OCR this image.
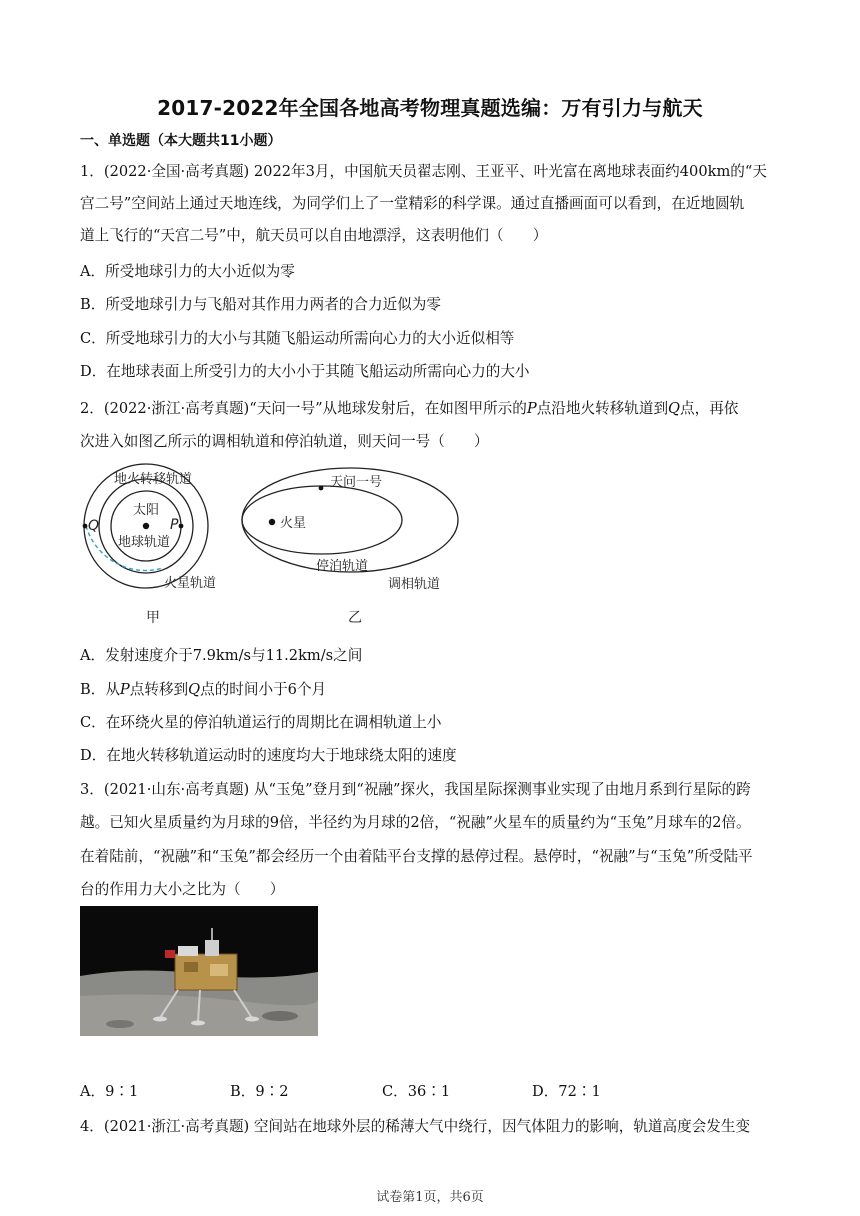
2017-2022年全国各地高考物理真题选编：万有引力与航天
一、单选题（本大题共11小题）
1．(2022·全国·高考真题) 2022年3月，中国航天员翟志刚、王亚平、叶光富在离地球表面约400km的“天
宫二号”空间站上通过天地连线，为同学们上了一堂精彩的科学课。通过直播画面可以看到，在近地圆轨
道上飞行的“天宫二号”中，航天员可以自由地漂浮，这表明他们（　　）
A．所受地球引力的大小近似为零
B．所受地球引力与飞船对其作用力两者的合力近似为零
C．所受地球引力的大小与其随飞船运动所需向心力的大小近似相等
D．在地球表面上所受引力的大小小于其随飞船运动所需向心力的大小
2．(2022·浙江·高考真题)“天问一号”从地球发射后，在如图甲所示的P点沿地火转移轨道到Q点，再依
次进入如图乙所示的调相轨道和停泊轨道，则天问一号（　　）
地火转移轨道
太阳
Q	P
地球轨道
火星轨道
甲
天问一号
火星
停泊轨道
调相轨道
乙
A．发射速度介于7.9km/s与11.2km/s之间
B．从P点转移到Q点的时间小于6个月
C．在环绕火星的停泊轨道运行的周期比在调相轨道上小
D．在地火转移轨道运动时的速度均大于地球绕太阳的速度
3．(2021·山东·高考真题) 从“玉兔”登月到“祝融”探火，我国星际探测事业实现了由地月系到行星际的跨
越。已知火星质量约为月球的9倍，半径约为月球的2倍，“祝融”火星车的质量约为“玉兔”月球车的2倍。
在着陆前，“祝融”和“玉兔”都会经历一个由着陆平台支撑的悬停过程。悬停时，“祝融”与“玉兔”所受陆平
台的作用力大小之比为（　　）
A．9∶1	B．9∶2	C．36∶1	D．72∶1
4．(2021·浙江·高考真题) 空间站在地球外层的稀薄大气中绕行，因气体阻力的影响，轨道高度会发生变
试卷第1页，共6页
